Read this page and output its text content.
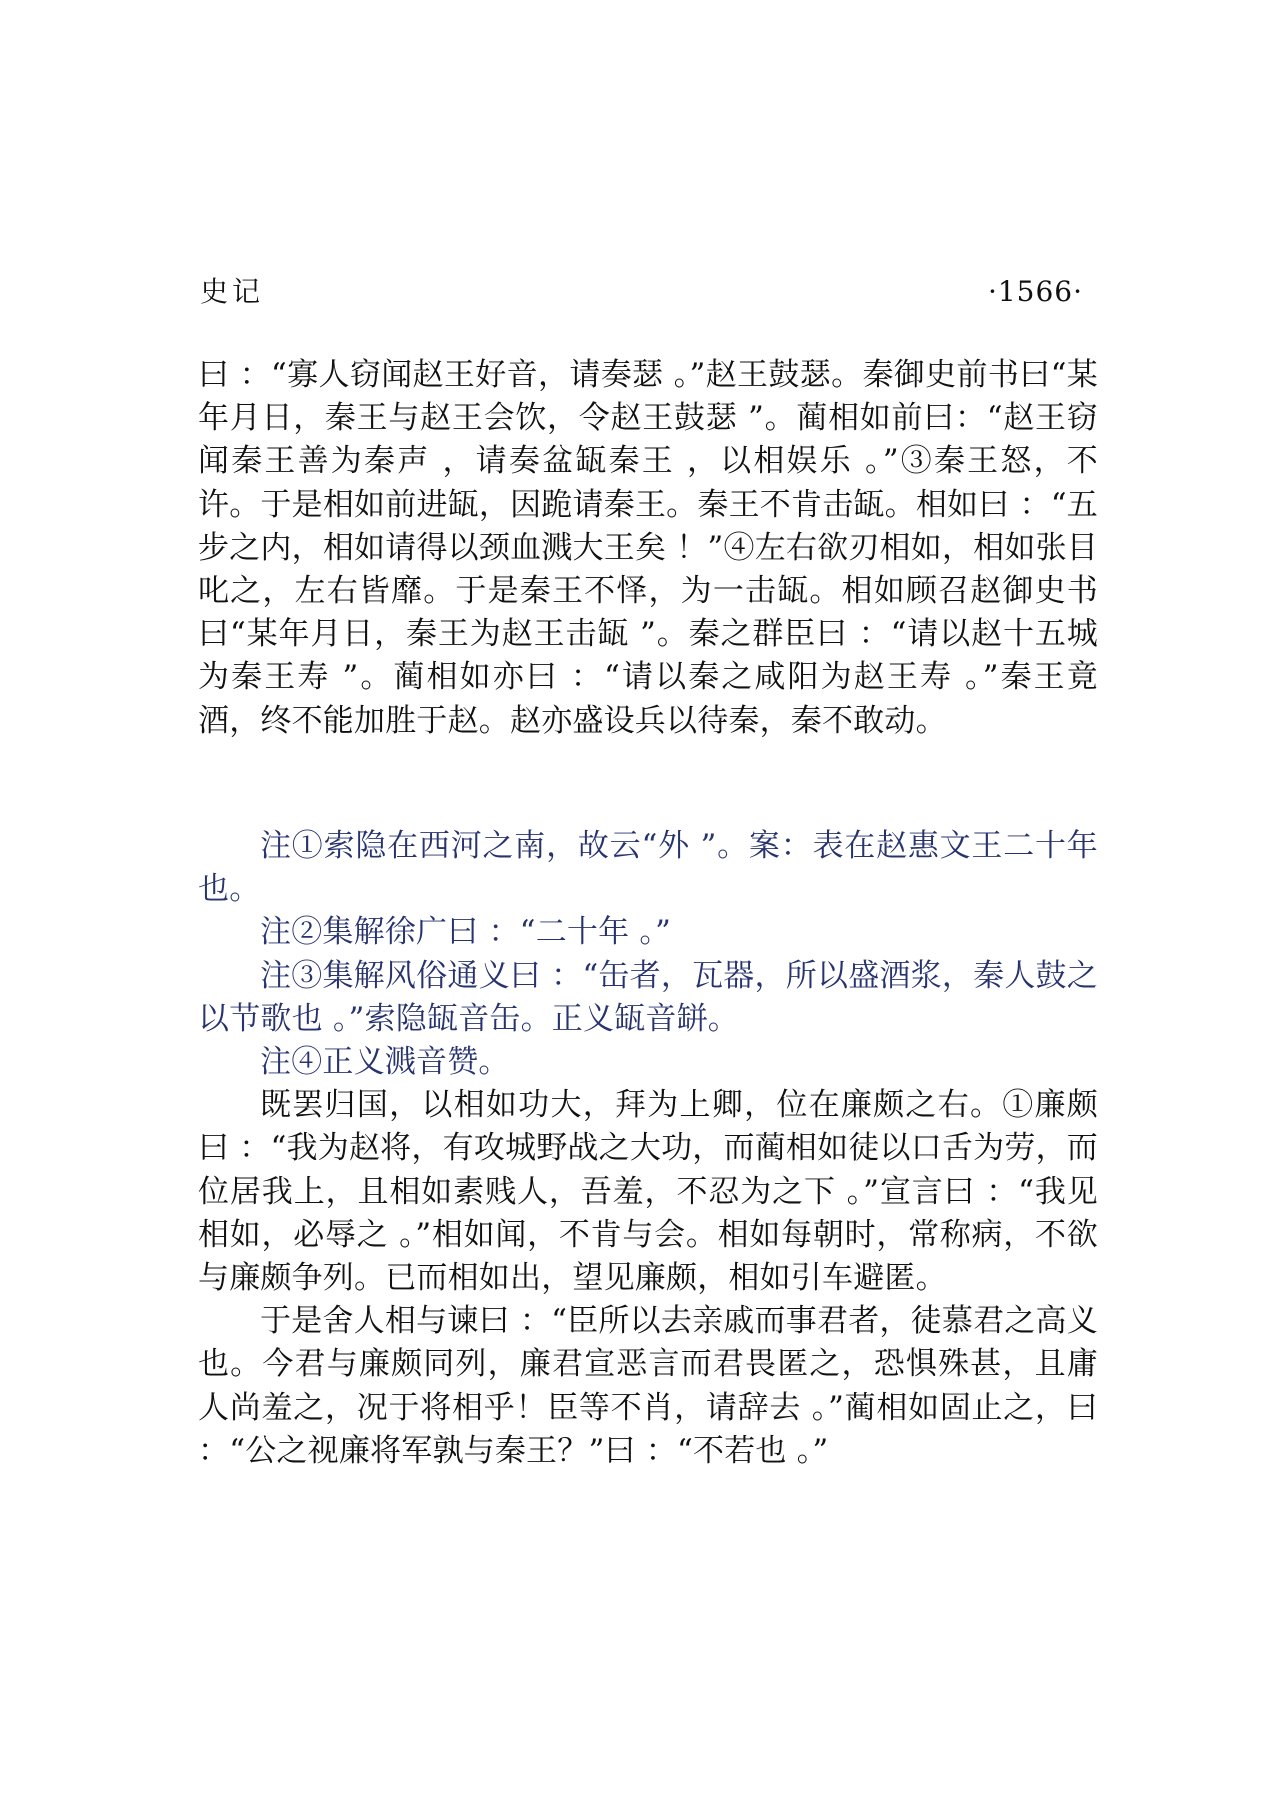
史记	·1566·

曰 ：“寡人窃闻赵王好音，请奏瑟 。”赵王鼓瑟。秦御史前书曰“某年月日，秦王与赵王会饮，令赵王鼓瑟 ”。蔺相如前曰：“赵王窃闻秦王善为秦声 ，请奏盆缻秦王 ，以相娱乐 。”③秦王怒，不许。于是相如前进缻，因跪请秦王。秦王不肯击缻。相如曰 ：“五步之内，相如请得以颈血溅大王矣 ！”④左右欲刃相如，相如张目叱之，左右皆靡。于是秦王不怿，为一击缻。相如顾召赵御史书曰“某年月日，秦王为赵王击缻 ”。秦之群臣曰 ：“请以赵十五城为秦王寿 ”。蔺相如亦曰 ：“请以秦之咸阳为赵王寿 。”秦王竟酒，终不能加胜于赵。赵亦盛设兵以待秦，秦不敢动。

注①索隐在西河之南，故云“外 ”。案：表在赵惠文王二十年也。

注②集解徐广曰 ：“二十年 。”

注③集解风俗通义曰 ：“缶者，瓦器，所以盛酒浆，秦人鼓之以节歌也 。”索隐缻音缶。正义缻音缾。

注④正义溅音赞。

既罢归国，以相如功大，拜为上卿，位在廉颇之右。①廉颇曰 ：“我为赵将，有攻城野战之大功，而蔺相如徒以口舌为劳，而位居我上，且相如素贱人，吾羞，不忍为之下 。”宣言曰 ：“我见相如，必辱之 。”相如闻，不肯与会。相如每朝时，常称病，不欲与廉颇争列。已而相如出，望见廉颇，相如引车避匿。

于是舍人相与谏曰 ：“臣所以去亲戚而事君者，徒慕君之高义也。今君与廉颇同列，廉君宣恶言而君畏匿之，恐惧殊甚，且庸人尚羞之，况于将相乎！臣等不肖，请辞去 。”蔺相如固止之，曰 ：“公之视廉将军孰与秦王？”曰 ：“不若也 。”
